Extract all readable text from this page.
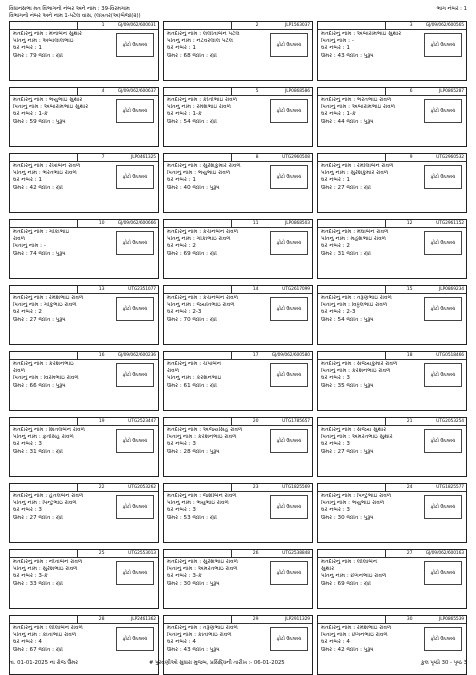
વિધાનસભા મત વિભાગનો નંબર અને નામ : 39-વિરમગામ	ભાગ નંબર : 1
વિભાગનો નંબર અને નામ 1-પટેલ વાસ, (લખતર(અ)બેજા(૨))
1	GJ/09/062/600031
મતદારનું નામ : મેનાબેન સુથાર
પતિનું નામ : અંબાલાલભાઇ
ઘર નંબર : 1
ઉંમર : 79 જાતિ : સ્ત્રી
ફોટો ઉપલબ્ધ
2	JLP1563037
મતદારનું નામ : લલીતાબેન પટેલ
પતિનું નામ : નટવરલાલ પટેલ
ઘર નંબર : 1
ઉંમર : 68 જાતિ : સ્ત્રી
ફોટો ઉપલબ્ધ
3	GJ/09/062/600565
મતદારનું નામ : અંબારામભાઇ સુથાર
પિતાનું નામ : -
ઘર નંબર : 1
ઉંમર : 43 જાતિ : પુરૂષ
ફોટો ઉપલબ્ધ
4	GJ/09/062/600637
મતદારનું નામ : ભયુભાઇ સુથાર
પિતાનું નામ : અંબારામભાઇ સુથાર
ઘર નંબર : 1-કે
ઉંમર : 59 જાતિ : પુરૂષ
ફોટો ઉપલબ્ધ
5	JLP0868586
મતદારનું નામ : કીર્તીભાઇ રાવળ
પતિનું નામ : રમેશભાઇ રાવળ
ઘર નંબર : 1-કે
ઉંમર : 54 જાતિ : સ્ત્રી
ફોટો ઉપલબ્ધ
6	JLP0865287
મતદારનું નામ : ભરતભાઇ રાવળ
પિતાનું નામ : અંબારામભાઇ રાવળ
ઘર નંબર : 1-કે
ઉંમર : 44 જાતિ : પુરૂષ
ફોટો ઉપલબ્ધ
7	JLP0461325
મતદારનું નામ : રેખાબેન રાવળ
પતિનું નામ : ભરતભાઇ રાવળ
ઘર નંબર : 1
ઉંમર : 42 જાતિ : સ્ત્રી
ફોટો ઉપલબ્ધ
8	UTG2960508
મતદારનું નામ : સુરેશકુમાર રાવળ
પિતાનું નામ : ભયુભાઇ રાવળ
ઘર નંબર : 1
ઉંમર : 40 જાતિ : પુરૂષ
ફોટો ઉપલબ્ધ
9	UTG2960532
મતદારનું નામ : રમીલાબેન રાવળ
પતિનું નામ : સુરેશકુમાર રાવળ
ઘર નંબર : 1
ઉંમર : 27 જાતિ : સ્ત્રી
ફોટો ઉપલબ્ધ
10	GJ/09/062/600666
મતદારનું નામ : ગોકાભાઇ
રાવળ
પિતાનું નામ : -
ઉંમર : 74 જાતિ : પુરૂષ
ફોટો ઉપલબ્ધ
11	JLP0868503
મતદારનું નામ : કંચનબેન રાવળ
પતિનું નામ : ગોકાભાઇ રાવળ
ઘર નંબર : 2
ઉંમર : 69 જાતિ : સ્ત્રી
ફોટો ઉપલબ્ધ
12	UTG2961152
મતદારનું નામ : મેઘાબેન રાવળ
પતિનું નામ : મહેશભાઇ રાવળ
ઘર નંબર : 2
ઉંમર : 31 જાતિ : સ્ત્રી
ફોટો ઉપલબ્ધ
13	UTG2351077
મતદારનું નામ : રમેશભાઇ રાવળ
પિતાનું નામ : ગોકુભાઇ રાવળ
ઘર નંબર : 2
ઉંમર : 27 જાતિ : પુરૂષ
ફોટો ઉપલબ્ધ
14	UTG2617099
મતદારનું નામ : કંચનબેન રાવળ
પતિનું નામ : જયંતિભાઇ રાવળ
ઘર નંબર : 2-3
ઉંમર : 70 જાતિ : સ્ત્રી
ફોટો ઉપલબ્ધ
15	JLP0869234
મતદારનું નામ : તરૂણભાઇ રાવળ
પિતાનું નામ : વિઠ્ઠલભાઇ રાવળ
ઘર નંબર : 2-3
ઉંમર : 54 જાતિ : પુરૂષ
ફોટો ઉપલબ્ધ
16	GJ/09/062/600236
મતદારનું નામ : કરશનભાઇ
રાવળ
પિતાનું નામ : વિરમભાઇ રાવળ
ઉંમર : 66 જાતિ : પુરૂષ
ફોટો ઉપલબ્ધ
17	GJ/09/062/600580
મતદારનું નામ : ચંપાબેન
રાવળ
પતિનું નામ : કરશનભાઇ
ઉંમર : 61 જાતિ : સ્ત્રી
ફોટો ઉપલબ્ધ
18	UTG0518466
મતદારનું નામ : સંજયકુમાર રાવળ
પિતાનું નામ : કરશનભાઇ રાવળ
ઘર નંબર : 3
ઉંમર : 35 જાતિ : પુરૂષ
ફોટો ઉપલબ્ધ
19	UTG2523447
મતદારનું નામ : શિતલબેન રાવળ
પતિનું નામ : ફતેસિંહ રાવળ
ઘર નંબર : 3
ઉંમર : 31 જાતિ : સ્ત્રી
ફોટો ઉપલબ્ધ
20	UTG1785657
મતદારનું નામ : અજયસિંહ રાવળ
પિતાનું નામ : કરશનભાઇ રાવળ
ઘર નંબર : 3
ઉંમર : 28 જાતિ : પુરૂષ
ફોટો ઉપલબ્ધ
21	UTG2053254
મતદારનું નામ : સંજય સુથાર
પિતાનું નામ : અમરતભાઇ સુથાર
ઘર નંબર : 3
ઉંમર : 27 જાતિ : પુરૂષ
ફોટો ઉપલબ્ધ
22	UTG2053262
મતદારનું નામ : હેતલબેન રાવળ
પતિનું નામ : પિન્ટુભાઇ રાવળ
ઘર નંબર : 3
ઉંમર : 27 જાતિ : સ્ત્રી
ફોટો ઉપલબ્ધ
23	UTG1825569
મતદારનું નામ : જશીબેન રાવળ
પતિનું નામ : ભયુભાઇ રાવળ
ઘર નંબર : 3
ઉંમર : 53 જાતિ : સ્ત્રી
ફોટો ઉપલબ્ધ
24	UTG1825577
મતદારનું નામ : પિન્ટુભાઇ રાવળ
પિતાનું નામ : ભયુભાઇ રાવળ
ઘર નંબર : 3
ઉંમર : 30 જાતિ : પુરૂષ
ફોટો ઉપલબ્ધ
25	UTG2553013
મતદારનું નામ : નીતાબેન રાવળ
પતિનું નામ : સુરેશભાઇ રાવળ
ઘર નંબર : 3-કે
ઉંમર : 33 જાતિ : સ્ત્રી
ફોટો ઉપલબ્ધ
26	UTG2538848
મતદારનું નામ : સુરેશભાઇ રાવળ
પિતાનું નામ : અમરતભાઇ રાવળ
ઘર નંબર : 3-કે
ઉંમર : 30 જાતિ : પુરૂષ
ફોટો ઉપલબ્ધ
27	GJ/09/062/600163
મતદારનું નામ : લીલાબેન
સુથાર
પતિનું નામ : છગનભાઇ રાવળ
ઉંમર : 69 જાતિ : સ્ત્રી
ફોટો ઉપલબ્ધ
28	JLP2461362
મતદારનું નામ : લીલાબેન રાવળ
પતિનું નામ : કાંતાભાઇ રાવળ
ઘર નંબર : 4
ઉંમર : 67 જાતિ : સ્ત્રી
ફોટો ઉપલબ્ધ
29	JLP2911329
મતદારનું નામ : તરૂણભાઇ રાવળ
પિતાનું નામ : કાંતાભાઇ રાવળ
ઘર નંબર : 4
ઉંમર : 43 જાતિ : પુરૂષ
ફોટો ઉપલબ્ધ
30	JLP0865539
મતદારનું નામ : રમેશભાઇ રાવળ
પિતાનું નામ : છગનભાઇ રાવળ
ઘર નંબર : 4
ઉંમર : 42 જાતિ : પુરૂષ
ફોટો ઉપલબ્ધ
તા. 01-01-2025 ના રોજ ઉંમર	# પુરવણીઓ સુધારા મુજબ, પ્રસિદ્ધિની તારીખ :- 06-01-2025	કુલ પૃષ્ઠો 30 - પૃષ્ઠ 3
